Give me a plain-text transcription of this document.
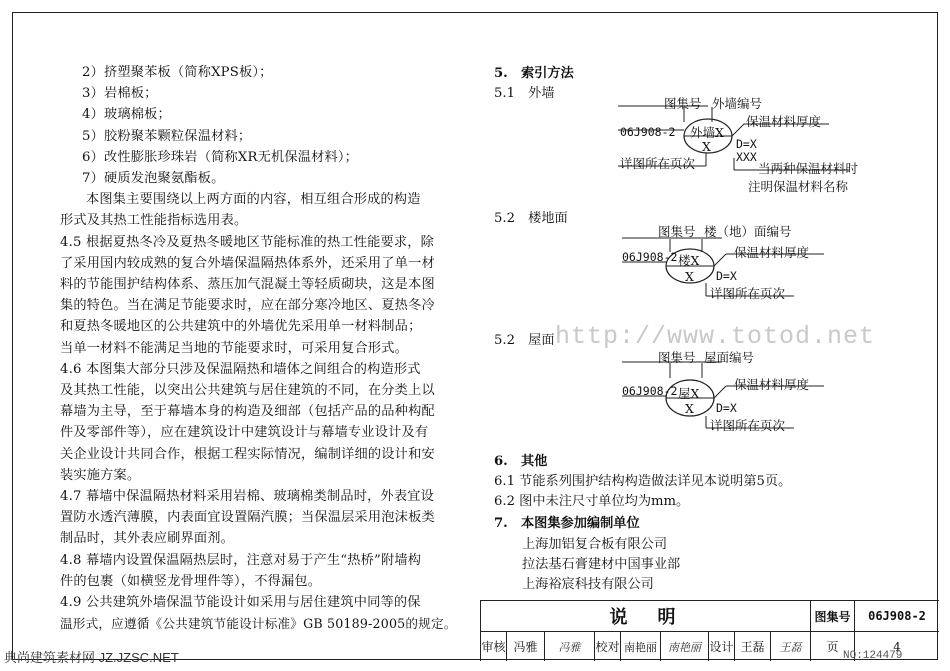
2）挤塑聚苯板（简称XPS板）；
3）岩棉板；
4）玻璃棉板；
5）胶粉聚苯颗粒保温材料；
6）改性膨胀珍珠岩（简称XR无机保温材料）；
7）硬质发泡聚氨酯板。
本图集主要围绕以上两方面的内容，相互组合形成的构造
形式及其热工性能指标选用表。
4.5 根据夏热冬冷及夏热冬暖地区节能标准的热工性能要求，除
了采用国内较成熟的复合外墙保温隔热体系外，还采用了单一材
料的节能围护结构体系、蒸压加气混凝土等轻质砌块，这是本图
集的特色。当在满足节能要求时，应在部分寒冷地区、夏热冬冷
和夏热冬暖地区的公共建筑中的外墙优先采用单一材料制品；
当单一材料不能满足当地的节能要求时，可采用复合形式。
4.6 本图集大部分只涉及保温隔热和墙体之间组合的构造形式
及其热工性能，以突出公共建筑与居住建筑的不同，在分类上以
幕墙为主导，至于幕墙本身的构造及细部（包括产品的品种构配
件及零部件等），应在建筑设计中建筑设计与幕墙专业设计及有
关企业设计共同合作，根据工程实际情况，编制详细的设计和安
装实施方案。
4.7 幕墙中保温隔热材料采用岩棉、玻璃棉类制品时，外表宜设
置防水透汽薄膜，内表面宜设置隔汽膜；当保温层采用泡沫板类
制品时，其外表应刷界面剂。
4.8 幕墙内设置保温隔热层时，注意对易于产生“热桥”附墙构
件的包裹（如横竖龙骨埋件等），不得漏包。
4.9 公共建筑外墙保温节能设计如采用与居住建筑中同等的保
温形式，应遵循《公共建筑节能设计标准》GB 50189-2005的规定。
5.　索引方法
5.1　外墙
图集号 外墙编号
06J908-2 外墙X
X
保温材料厚度
D=X
XXX
当两种保温材料时
注明保温材料名称
详图所在页次
5.2　楼地面
图集号 楼（地）面编号
06J908-2 楼X
X
保温材料厚度
D=X
详图所在页次
5.2　屋面
图集号 屋面编号
06J908-2 屋X
X
保温材料厚度
D=X
详图所在页次
6.　其他
6.1 节能系列围护结构构造做法详见本说明第5页。
6.2 图中未注尺寸单位均为mm。
7.　本图集参加编制单位
上海加铝复合板有限公司
拉法基石膏建材中国事业部
上海裕宸科技有限公司
http://www.totod.net
说　明	图集号	06J908-2
审核 冯雅	冯雅	校对 南艳丽	南艳丽 设计 王磊	王磊	页	4
典尚建筑素材网 JZ.JZSC.NET	NO:124479
